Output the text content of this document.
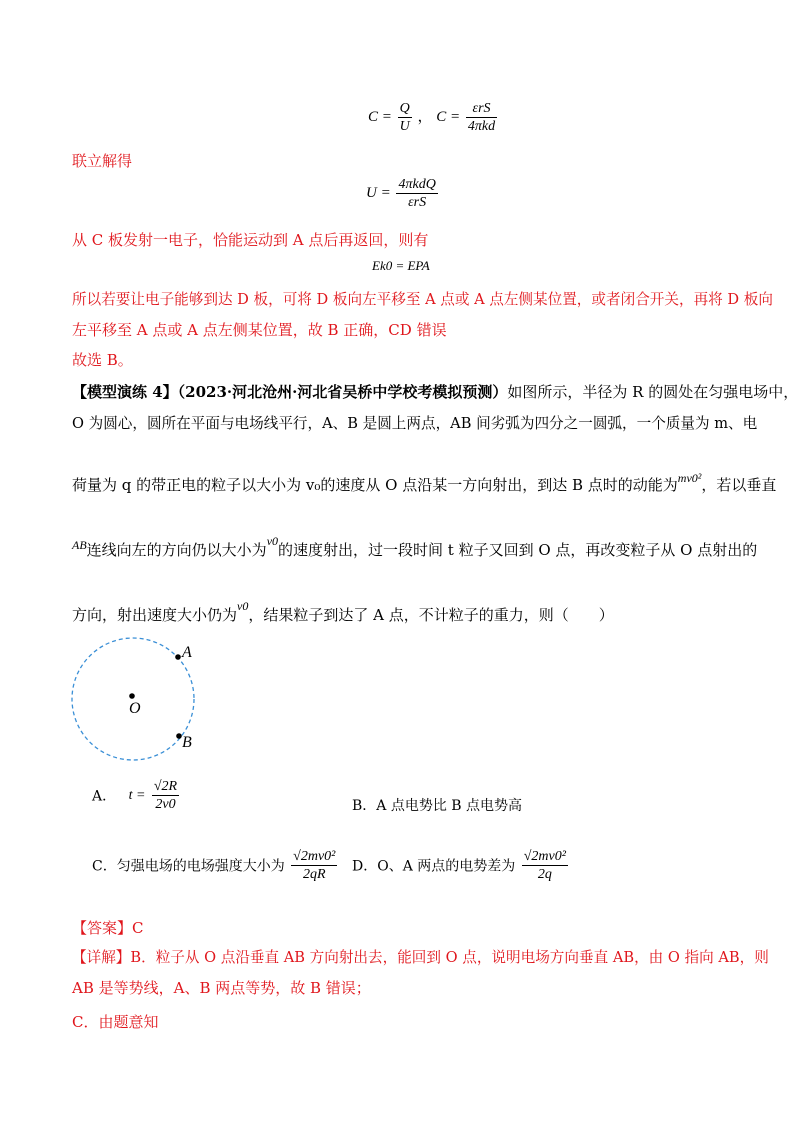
$C = \frac{Q}{U}$ ， $C = \frac{\text{εrS}}{\text{4πkd}}$
联立解得
$U = \frac{\text{4πkdQ}}{\text{εrS}}$
从 C 板发射一电子，恰能运动到 A 点后再返回，则有
Ek0 = EPA
所以若要让电子能够到达 D 板，可将 D 板向左平移至 A 点或 A 点左侧某位置，或者闭合开关，再将 D 板向
左平移至 A 点或 A 点左侧某位置，故 B 正确，CD 错误
故选 B。
【模型演练 4】（2023·河北沧州·河北省吴桥中学校考模拟预测）如图所示，半径为 R 的圆处在匀强电场中，
O 为圆心，圆所在平面与电场线平行，A、B 是圆上两点，AB 间劣弧为四分之一圆弧，一个质量为 m、电
荷量为 q 的带正电的粒子以大小为 v₀的速度从 O 点沿某一方向射出，到达 B 点时的动能为$^{mv0^2}$，若以垂直
$^{AB}$连线向左的方向仍以大小为$^{v0}$的速度射出，过一段时间 t 粒子又回到 O 点，再改变粒子从 O 点射出的
方向，射出速度大小仍为$^{v0}$，结果粒子到达了 A 点，不计粒子的重力，则（　　）
A
O
B
A． $t = \frac{√2R}{2v0}$	B．A 点电势比 B 点电势高
C．匀强电场的电场强度大小为 $\frac{\text{√2mv0²}}{2qR}$ D．O、A 两点的电势差为 $\frac{\text{√2mv0²}}{2q}$
【答案】C
【详解】B．粒子从 O 点沿垂直 AB 方向射出去，能回到 O 点，说明电场方向垂直 AB，由 O 指向 AB，则
AB 是等势线，A、B 两点等势，故 B 错误；
C．由题意知
